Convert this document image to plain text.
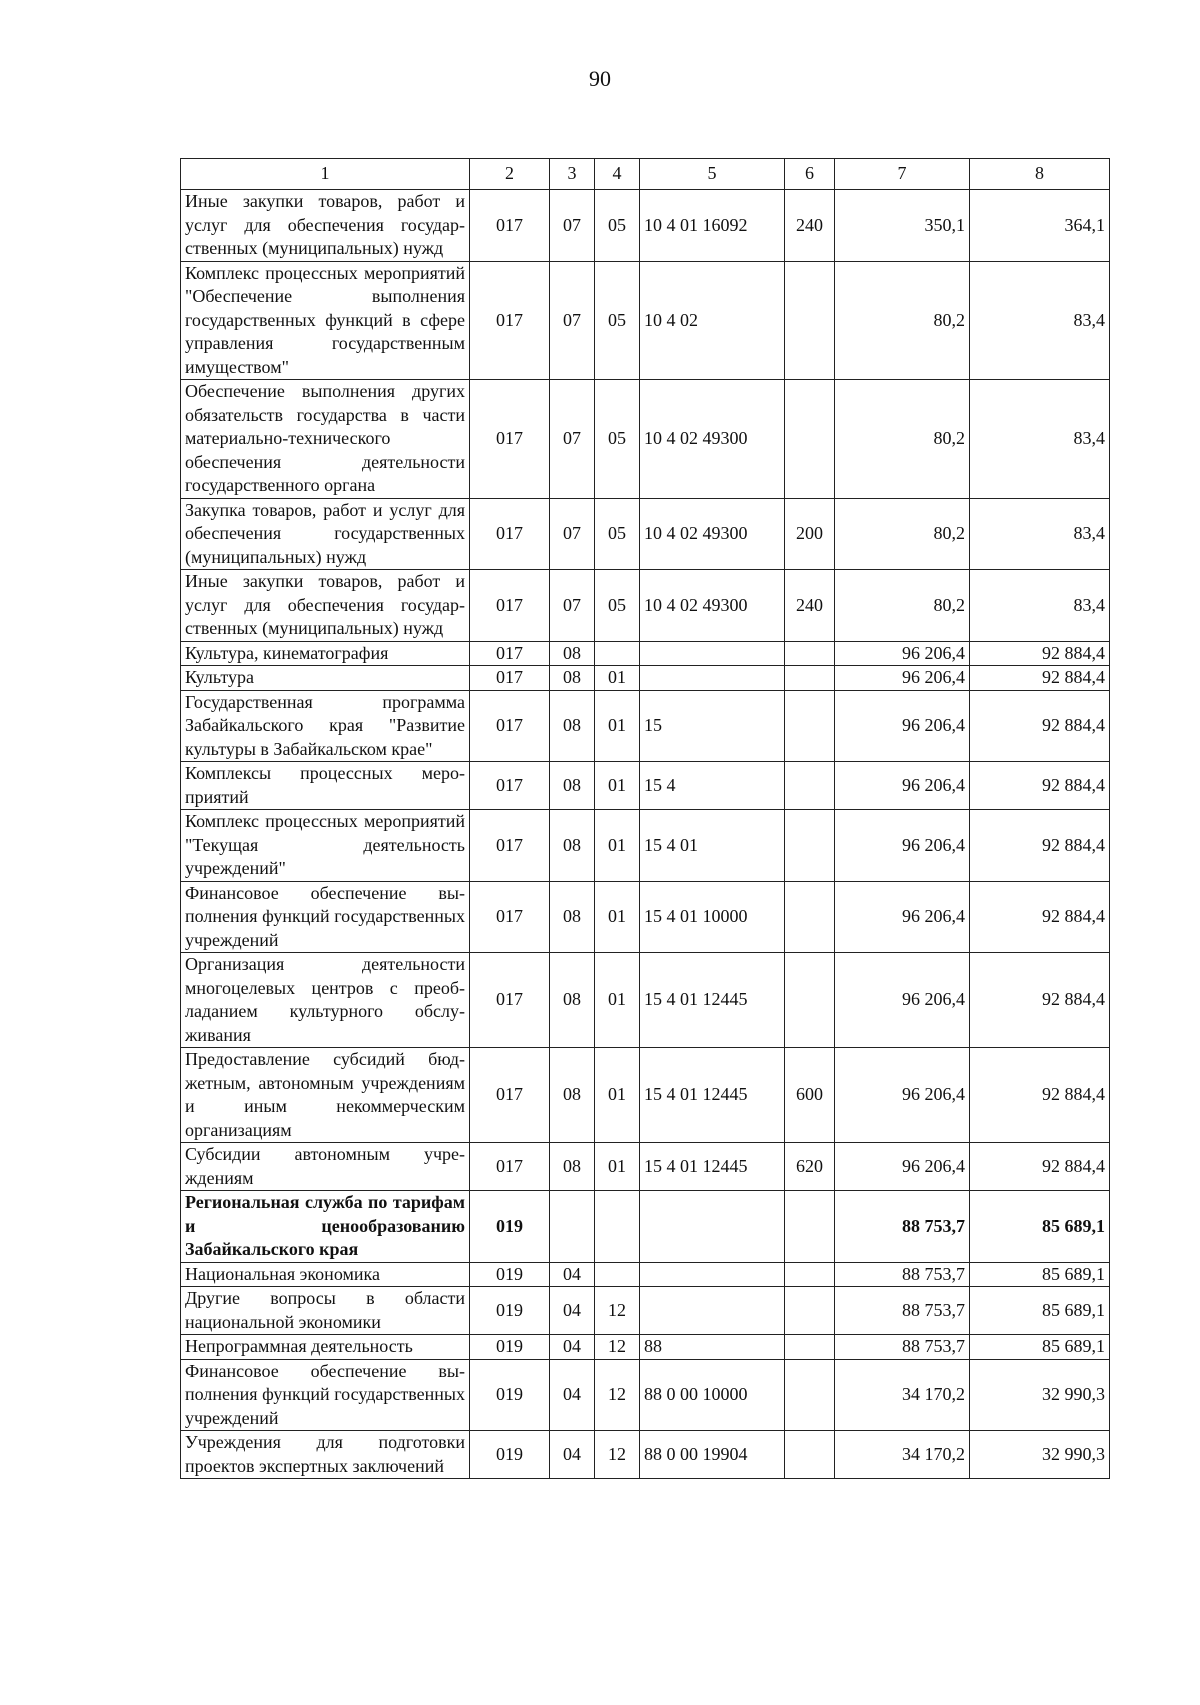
90
1	2	3	4	5	6	7	8
Иные закупки товаров, работ и услуг для обеспечения государственных (муниципальных) нужд	017	07	05	10 4 01 16092	240	350,1	364,1
Комплекс процессных мероприятий "Обеспечение выполнения государственных функций в сфере управления государственным имуществом"	017	07	05	10 4 02		80,2	83,4
Обеспечение выполнения других обязательств государства в части материально-технического обеспечения деятельности государственного органа	017	07	05	10 4 02 49300		80,2	83,4
Закупка товаров, работ и услуг для обеспечения государственных (муниципальных) нужд	017	07	05	10 4 02 49300	200	80,2	83,4
Иные закупки товаров, работ и услуг для обеспечения государственных (муниципальных) нужд	017	07	05	10 4 02 49300	240	80,2	83,4
Культура, кинематография	017	08				96 206,4	92 884,4
Культура	017	08	01			96 206,4	92 884,4
Государственная программа Забайкальского края "Развитие культуры в Забайкальском крае"	017	08	01	15		96 206,4	92 884,4
Комплексы процессных мероприятий	017	08	01	15 4		96 206,4	92 884,4
Комплекс процессных мероприятий "Текущая деятельность учреждений"	017	08	01	15 4 01		96 206,4	92 884,4
Финансовое обеспечение выполнения функций государственных учреждений	017	08	01	15 4 01 10000		96 206,4	92 884,4
Организация деятельности многоцелевых центров с преобладанием культурного обслуживания	017	08	01	15 4 01 12445		96 206,4	92 884,4
Предоставление субсидий бюджетным, автономным учреждениям и иным некоммерческим организациям	017	08	01	15 4 01 12445	600	96 206,4	92 884,4
Субсидии автономным учреждениям	017	08	01	15 4 01 12445	620	96 206,4	92 884,4
Региональная служба по тарифам и ценообразованию Забайкальского края	019					88 753,7	85 689,1
Национальная экономика	019	04				88 753,7	85 689,1
Другие вопросы в области национальной экономики	019	04	12			88 753,7	85 689,1
Непрограммная деятельность	019	04	12	88		88 753,7	85 689,1
Финансовое обеспечение выполнения функций государственных учреждений	019	04	12	88 0 00 10000		34 170,2	32 990,3
Учреждения для подготовки проектов экспертных заключений	019	04	12	88 0 00 19904		34 170,2	32 990,3
